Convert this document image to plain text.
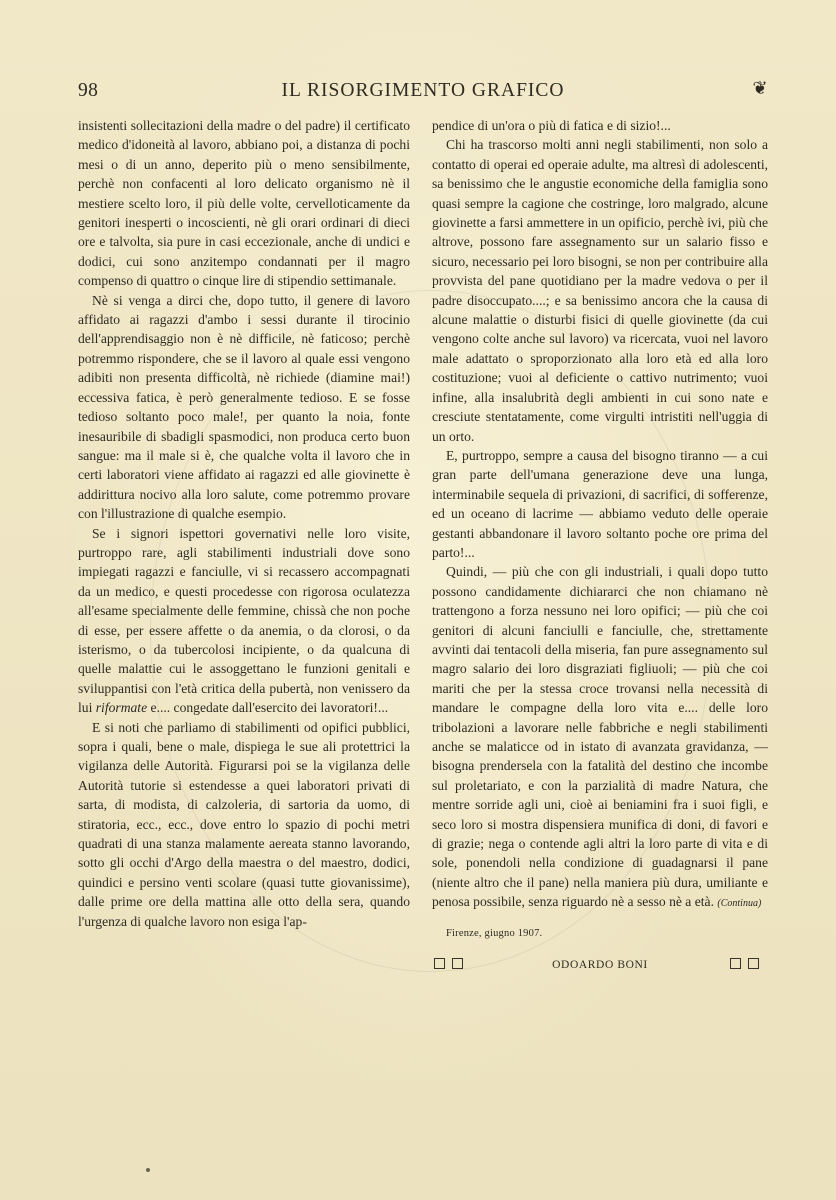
98	IL RISORGIMENTO GRAFICO	❦

insistenti sollecitazioni della madre o del padre) il certificato medico d'idoneità al lavoro, abbiano poi, a distanza di pochi mesi o di un anno, deperito più o meno sensibilmente, perchè non confacenti al loro delicato organismo nè il mestiere scelto loro, il più delle volte, cervelloticamente da genitori inesperti o incoscienti, nè gli orari ordinari di dieci ore e talvolta, sia pure in casi eccezionale, anche di undici e dodici, cui sono anzitempo condannati per il magro compenso di quattro o cinque lire di stipendio settimanale.

Nè si venga a dirci che, dopo tutto, il genere di lavoro affidato ai ragazzi d'ambo i sessi durante il tirocinio dell'apprendisaggio non è nè difficile, nè faticoso; perchè potremmo rispondere, che se il lavoro al quale essi vengono adibiti non presenta difficoltà, nè richiede (diamine mai!) eccessiva fatica, è però generalmente tedioso. E se fosse tedioso soltanto poco male!, per quanto la noia, fonte inesauribile di sbadigli spasmodici, non produca certo buon sangue: ma il male si è, che qualche volta il lavoro che in certi laboratori viene affidato ai ragazzi ed alle giovinette è addirittura nocivo alla loro salute, come potremmo provare con l'illustrazione di qualche esempio.

Se i signori ispettori governativi nelle loro visite, purtroppo rare, agli stabilimenti industriali dove sono impiegati ragazzi e fanciulle, vi si recassero accompagnati da un medico, e questi procedesse con rigorosa oculatezza all'esame specialmente delle femmine, chissà che non poche di esse, per essere affette o da anemia, o da clorosi, o da isterismo, o da tubercolosi incipiente, o da qualcuna di quelle malattie cui le assoggettano le funzioni genitali e sviluppantisi con l'età critica della pubertà, non venissero da lui riformate e.... congedate dall'esercito dei lavoratori!...

E si noti che parliamo di stabilimenti od opifici pubblici, sopra i quali, bene o male, dispiega le sue ali protettrici la vigilanza delle Autorità. Figurarsi poi se la vigilanza delle Autorità tutorie si estendesse a quei laboratori privati di sarta, di modista, di calzoleria, di sartoria da uomo, di stiratoria, ecc., ecc., dove entro lo spazio di pochi metri quadrati di una stanza malamente aereata stanno lavorando, sotto gli occhi d'Argo della maestra o del maestro, dodici, quindici e persino venti scolare (quasi tutte giovanissime), dalle prime ore della mattina alle otto della sera, quando l'urgenza di qualche lavoro non esiga l'ap-

pendice di un'ora o più di fatica e di sizio!...

Chi ha trascorso molti anni negli stabilimenti, non solo a contatto di operai ed operaie adulte, ma altresì di adolescenti, sa benissimo che le angustie economiche della famiglia sono quasi sempre la cagione che costringe, loro malgrado, alcune giovinette a farsi ammettere in un opificio, perchè ivi, più che altrove, possono fare assegnamento sur un salario fisso e sicuro, necessario pei loro bisogni, se non per contribuire alla provvista del pane quotidiano per la madre vedova o per il padre disoccupato....; e sa benissimo ancora che la causa di alcune malattie o disturbi fisici di quelle giovinette (da cui vengono colte anche sul lavoro) va ricercata, vuoi nel lavoro male adattato o sproporzionato alla loro età ed alla loro costituzione; vuoi al deficiente o cattivo nutrimento; vuoi infine, alla insalubrità degli ambienti in cui sono nate e cresciute stentatamente, come virgulti intristiti nell'uggia di un orto.

E, purtroppo, sempre a causa del bisogno tiranno — a cui gran parte dell'umana generazione deve una lunga, interminabile sequela di privazioni, di sacrifici, di sofferenze, ed un oceano di lacrime — abbiamo veduto delle operaie gestanti abbandonare il lavoro soltanto poche ore prima del parto!...

Quindi, — più che con gli industriali, i quali dopo tutto possono candidamente dichiararci che non chiamano nè trattengono a forza nessuno nei loro opifici; — più che coi genitori di alcuni fanciulli e fanciulle, che, strettamente avvinti dai tentacoli della miseria, fan pure assegnamento sul magro salario dei loro disgraziati figliuoli; — più che coi mariti che per la stessa croce trovansi nella necessità di mandare le compagne della loro vita e.... delle loro tribolazioni a lavorare nelle fabbriche e negli stabilimenti anche se malaticce od in istato di avanzata gravidanza, — bisogna prendersela con la fatalità del destino che incombe sul proletariato, e con la parzialità di madre Natura, che mentre sorride agli uni, cioè ai beniamini fra i suoi figli, e seco loro si mostra dispensiera munifica di doni, di favori e di grazie; nega o contende agli altri la loro parte di vita e di sole, ponendoli nella condizione di guadagnarsi il pane (niente altro che il pane) nella maniera più dura, umiliante e penosa possibile, senza riguardo nè a sesso nè a età. (Continua)

Firenze, giugno 1907.
ODOARDO BONI
